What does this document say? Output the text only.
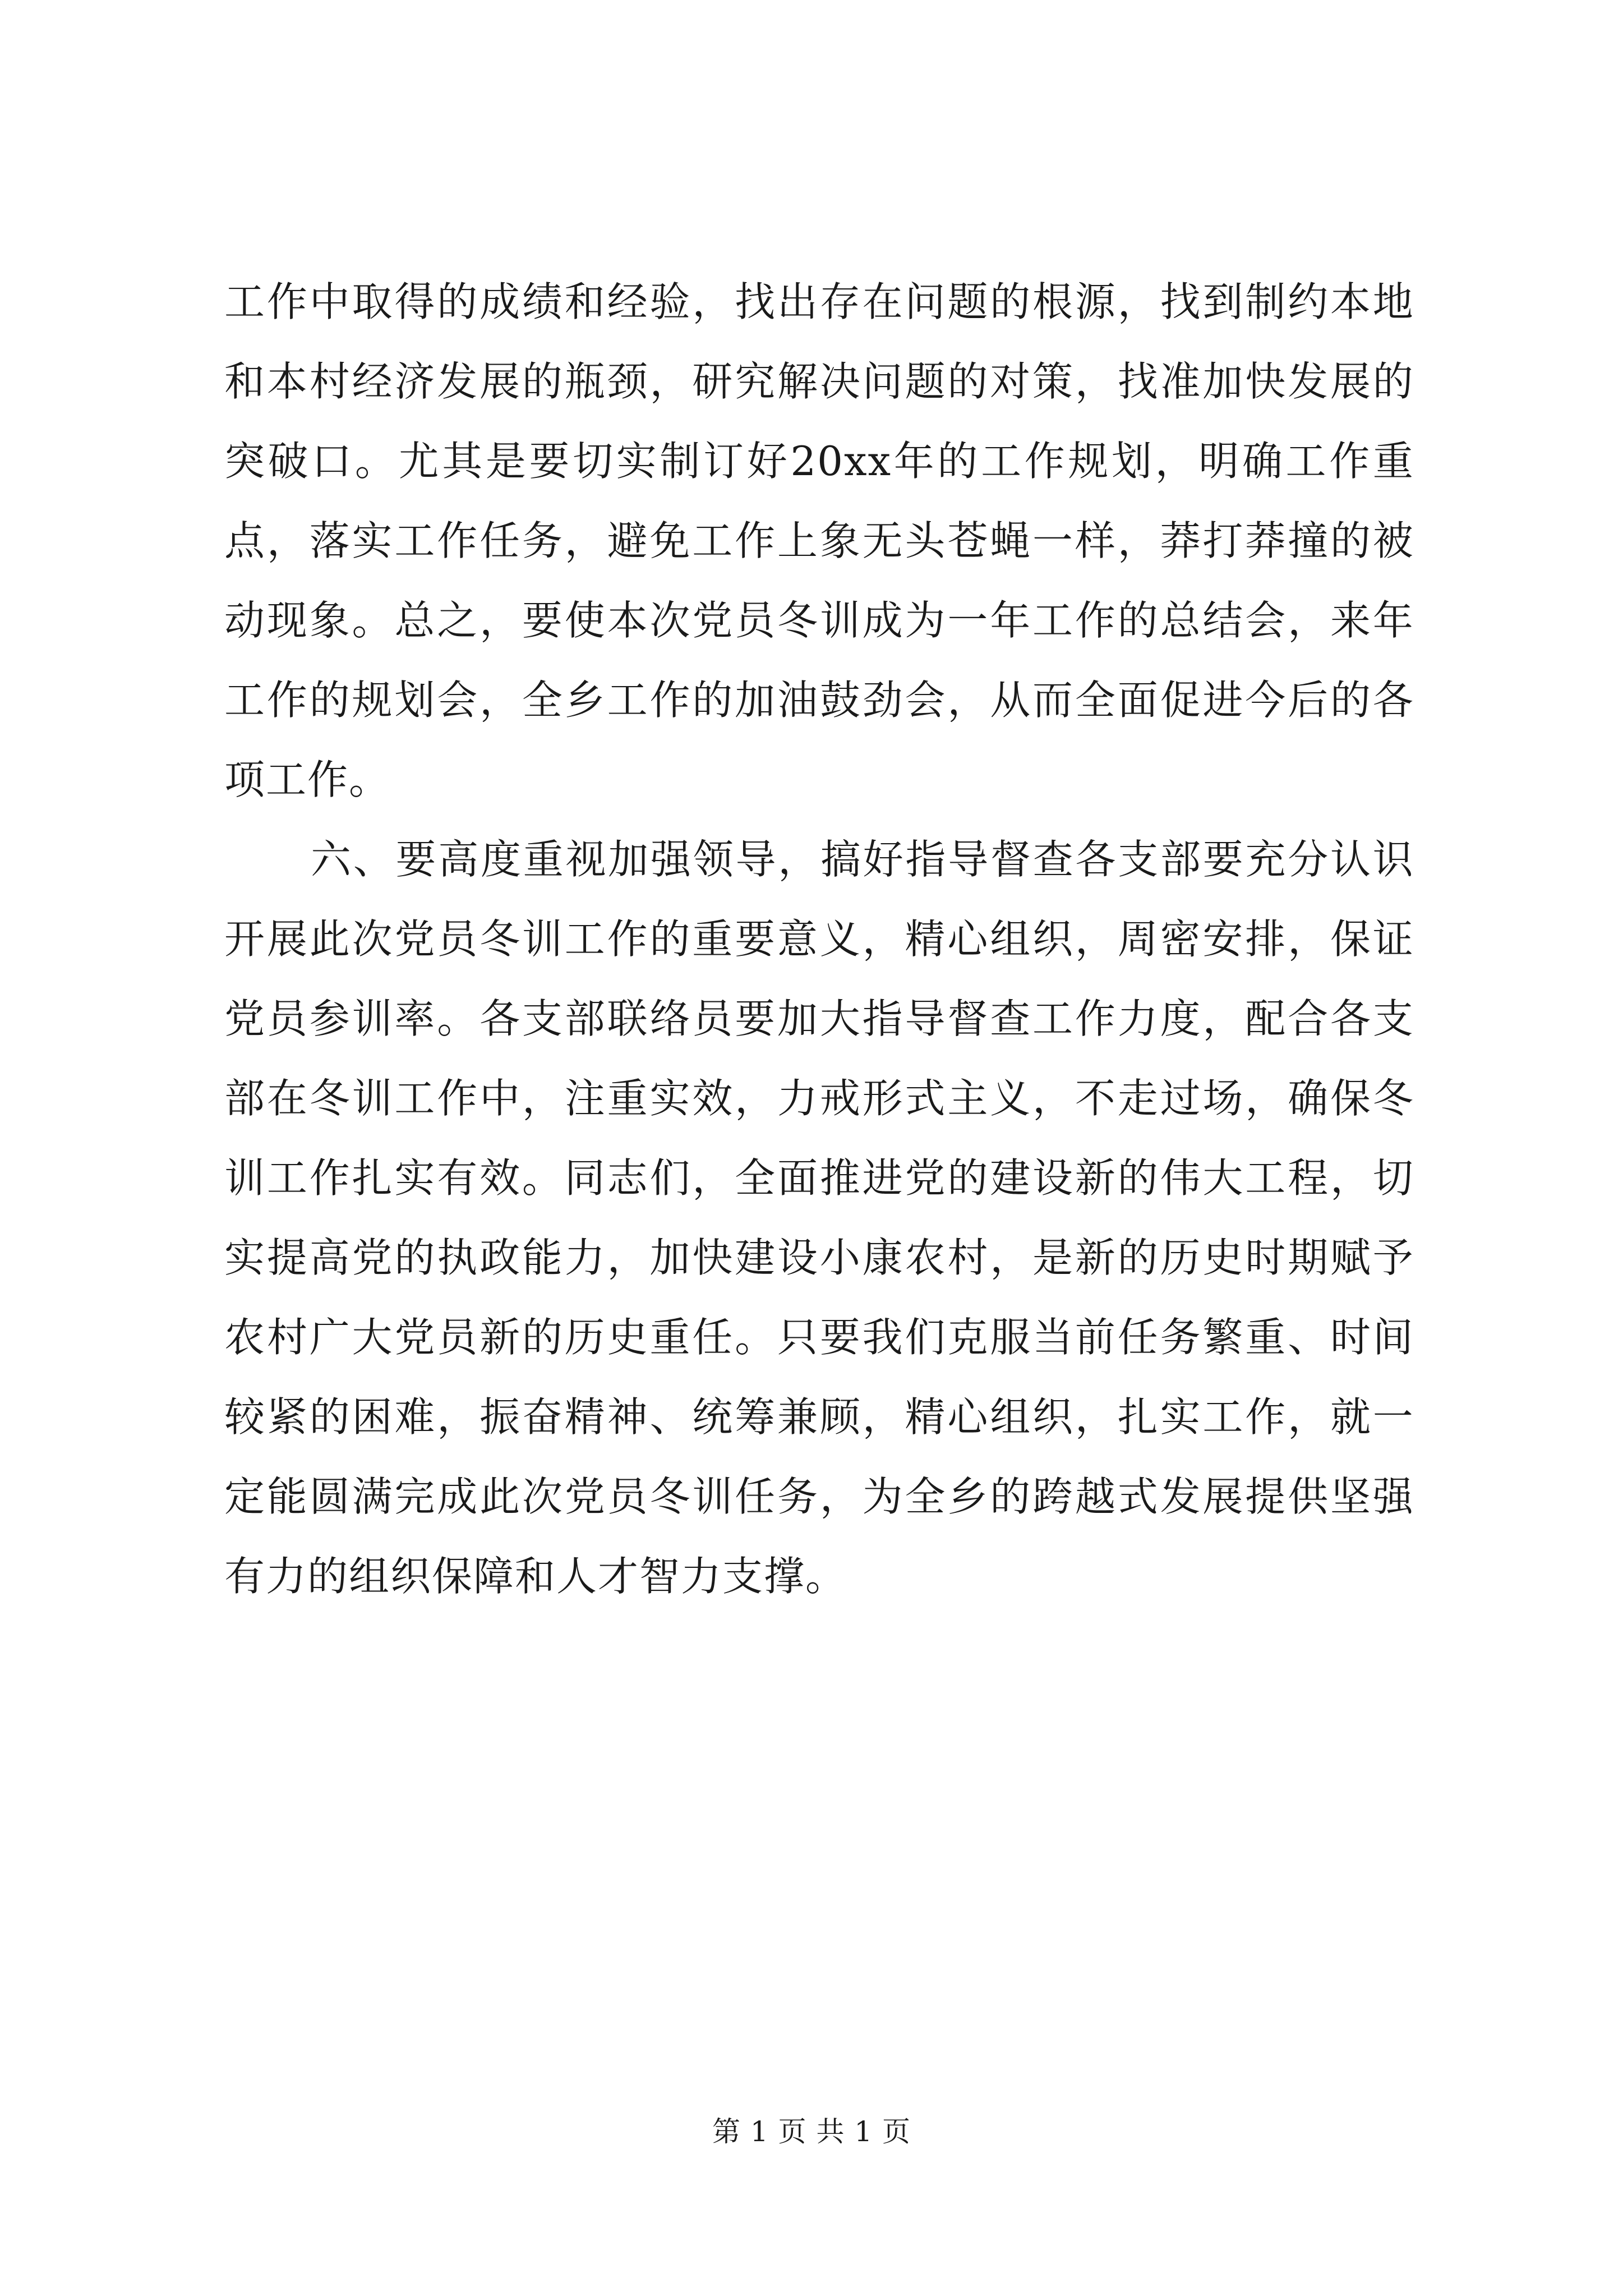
工 作 中 取 得 的 成 绩 和 经 验 ， 找 出 存 在 问 题 的 根 源 ， 找 到 制 约 本 地
和 本 村 经 济 发 展 的 瓶 颈 ， 研 究 解 决 问 题 的 对 策 ， 找 准 加 快 发 展 的
突 破 口 。 尤 其 是 要 切 实 制 订 好 20xx 年 的 工 作 规 划 ， 明 确 工 作 重
点 ， 落 实 工 作 任 务 ， 避 免 工 作 上 象 无 头 苍 蝇 一 样 ， 莽 打 莽 撞 的 被
动 现 象 。 总 之 ， 要 使 本 次 党 员 冬 训 成 为 一 年 工 作 的 总 结 会 ， 来 年
工 作 的 规 划 会 ， 全 乡 工 作 的 加 油 鼓 劲 会 ， 从 而 全 面 促 进 今 后 的 各
项工作。
六 、 要 高 度 重 视 加 强 领 导 ， 搞 好 指 导 督 查 各 支 部 要 充 分 认 识
开 展 此 次 党 员 冬 训 工 作 的 重 要 意 义 ， 精 心 组 织 ， 周 密 安 排 ， 保 证
党 员 参 训 率 。 各 支 部 联 络 员 要 加 大 指 导 督 查 工 作 力 度 ， 配 合 各 支
部 在 冬 训 工 作 中 ， 注 重 实 效 ， 力 戒 形 式 主 义 ， 不 走 过 场 ， 确 保 冬
训 工 作 扎 实 有 效 。 同 志 们 ， 全 面 推 进 党 的 建 设 新 的 伟 大 工 程 ， 切
实 提 高 党 的 执 政 能 力 ， 加 快 建 设 小 康 农 村 ， 是 新 的 历 史 时 期 赋 予
农 村 广 大 党 员 新 的 历 史 重 任 。 只 要 我 们 克 服 当 前 任 务 繁 重 、 时 间
较 紧 的 困 难 ， 振 奋 精 神 、 统 筹 兼 顾 ， 精 心 组 织 ， 扎 实 工 作 ， 就 一
定 能 圆 满 完 成 此 次 党 员 冬 训 任 务 ， 为 全 乡 的 跨 越 式 发 展 提 供 坚 强
有力的组织保障和人才智力支撑。
第 1 页 共 1 页
